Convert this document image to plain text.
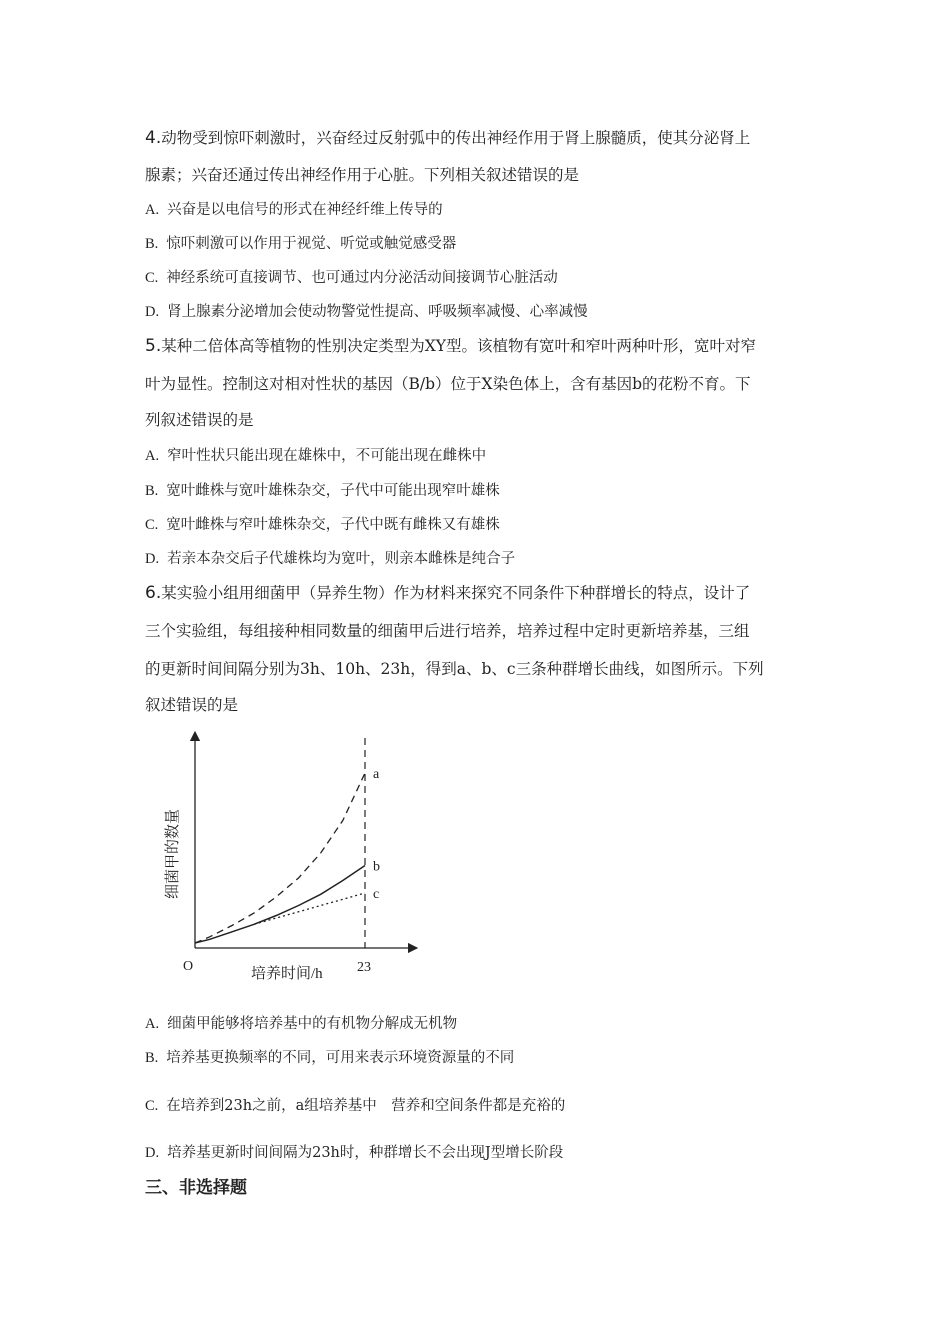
4.动物受到惊吓刺激时，兴奋经过反射弧中的传出神经作用于肾上腺髓质，使其分泌肾上
腺素；兴奋还通过传出神经作用于心脏。下列相关叙述错误的是
A. 兴奋是以电信号的形式在神经纤维上传导的
B. 惊吓刺激可以作用于视觉、听觉或触觉感受器
C. 神经系统可直接调节、也可通过内分泌活动间接调节心脏活动
D. 肾上腺素分泌增加会使动物警觉性提高、呼吸频率减慢、心率减慢
5.某种二倍体高等植物的性别决定类型为XY型。该植物有宽叶和窄叶两种叶形，宽叶对窄
叶为显性。控制这对相对性状的基因（B/b）位于X染色体上，含有基因b的花粉不育。下
列叙述错误的是
A. 窄叶性状只能出现在雄株中，不可能出现在雌株中
B. 宽叶雌株与宽叶雄株杂交，子代中可能出现窄叶雄株
C. 宽叶雌株与窄叶雄株杂交，子代中既有雌株又有雄株
D. 若亲本杂交后子代雄株均为宽叶，则亲本雌株是纯合子
6.某实验小组用细菌甲（异养生物）作为材料来探究不同条件下种群增长的特点，设计了
三个实验组，每组接种相同数量的细菌甲后进行培养，培养过程中定时更新培养基，三组
的更新时间间隔分别为3h、10h、23h，得到a、b、c三条种群增长曲线，如图所示。下列
叙述错误的是
a
b
c
O	23
培养时间/h
细菌甲的数量
A. 细菌甲能够将培养基中的有机物分解成无机物
B. 培养基更换频率的不同，可用来表示环境资源量的不同
C. 在培养到23h之前，a组培养基中　营养和空间条件都是充裕的
D. 培养基更新时间间隔为23h时，种群增长不会出现J型增长阶段
三、非选择题
